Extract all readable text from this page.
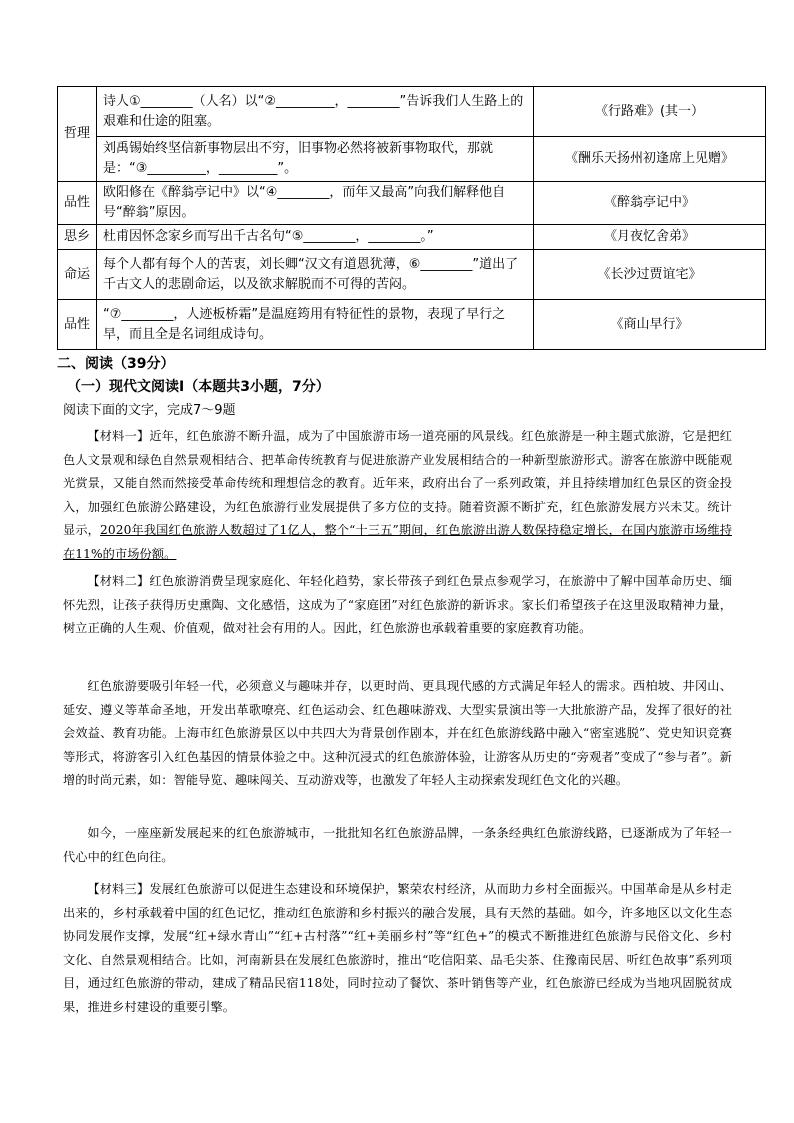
哲理	诗人①________（人名）以“②_________，________”告诉我们人生路上的艰难和仕途的阻塞。	《行路难》(其一）
	刘禹锡始终坚信新事物层出不穷，旧事物必然将被新事物取代，那就是：“③_________，_________”。	《酬乐天扬州初逢席上见赠》
品性	欧阳修在《醉翁亭记中》以“④________，而年又最高”向我们解释他自号“醉翁”原因。	《醉翁亭记中》
思乡	杜甫因怀念家乡而写出千古名句“⑤________，________。”	《月夜忆舍弟》
命运	每个人都有每个人的苦衷，刘长卿“汉文有道恩犹薄，⑥________”道出了千古文人的悲剧命运，以及欲求解脱而不可得的苦闷。	《长沙过贾谊宅》
品性	“⑦________，人迹板桥霜”是温庭筠用有特征性的景物，表现了早行之早，而且全是名词组成诗句。	《商山早行》
二、阅读（39分）
（一）现代文阅读Ⅰ（本题共3小题，7分）
阅读下面的文字，完成7～9题

【材料一】近年，红色旅游不断升温，成为了中国旅游市场一道亮丽的风景线。红色旅游是一种主题式旅游，它是把红色人文景观和绿色自然景观相结合、把革命传统教育与促进旅游产业发展相结合的一种新型旅游形式。游客在旅游中既能观光赏景，又能自然而然接受革命传统和理想信念的教育。近年来，政府出台了一系列政策，并且持续增加红色景区的资金投入，加强红色旅游公路建设，为红色旅游行业发展提供了多方位的支持。随着资源不断扩充，红色旅游发展方兴未艾。统计显示，2020年我国红色旅游人数超过了1亿人，整个“十三五”期间，红色旅游出游人数保持稳定增长，在国内旅游市场维持在11%的市场份额。

【材料二】红色旅游消费呈现家庭化、年轻化趋势，家长带孩子到红色景点参观学习，在旅游中了解中国革命历史、缅怀先烈，让孩子获得历史熏陶、文化感悟，这成为了“家庭团”对红色旅游的新诉求。家长们希望孩子在这里汲取精神力量，树立正确的人生观、价值观，做对社会有用的人。因此，红色旅游也承载着重要的家庭教育功能。

红色旅游要吸引年轻一代，必须意义与趣味并存，以更时尚、更具现代感的方式满足年轻人的需求。西柏坡、井冈山、延安、遵义等革命圣地，开发出革歌嘹亮、红色运动会、红色趣味游戏、大型实景演出等一大批旅游产品，发挥了很好的社会效益、教育功能。上海市红色旅游景区以中共四大为背景创作剧本，并在红色旅游线路中融入“密室逃脱”、党史知识竞赛等形式，将游客引入红色基因的情景体验之中。这种沉浸式的红色旅游体验，让游客从历史的“旁观者”变成了“参与者”。新增的时尚元素，如：智能导览、趣味闯关、互动游戏等，也激发了年轻人主动探索发现红色文化的兴趣。

如今，一座座新发展起来的红色旅游城市，一批批知名红色旅游品牌，一条条经典红色旅游线路，已逐渐成为了年轻一代心中的红色向往。

【材料三】发展红色旅游可以促进生态建设和环境保护，繁荣农村经济，从而助力乡村全面振兴。中国革命是从乡村走出来的，乡村承载着中国的红色记忆，推动红色旅游和乡村振兴的融合发展，具有天然的基础。如今，许多地区以文化生态协同发展作支撑，发展“红+绿水青山”“红+古村落”“红+美丽乡村”等“红色+”的模式不断推进红色旅游与民俗文化、乡村文化、自然景观相结合。比如，河南新县在发展红色旅游时，推出“吃信阳菜、品毛尖茶、住豫南民居、听红色故事”系列项目，通过红色旅游的带动，建成了精品民宿118处，同时拉动了餐饮、茶叶销售等产业，红色旅游已经成为当地巩固脱贫成果，推进乡村建设的重要引擎。
